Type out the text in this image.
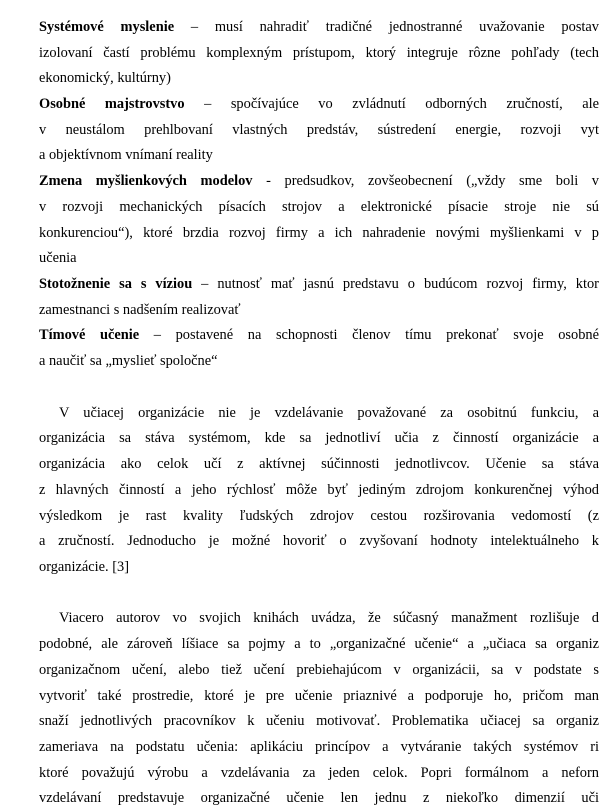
Systémové myslenie – musí nahradiť tradičné jednostranné uvažovanie postav
izolovaní častí problému komplexným prístupom, ktorý integruje rôzne pohľady (tech
ekonomický, kultúrny)
Osobné majstrovstvo – spočívajúce vo zvládnutí odborných zručností, ale
v neustálom prehlbovaní vlastných predstáv, sústredení energie, rozvoji vyt
a objektívnom vnímaní reality
Zmena myšlienkových modelov - predsudkov, zovšeobecnení („vždy sme boli v
v rozvoji mechanických písacích strojov a elektronické písacie stroje nie sú
konkurenciou“), ktoré brzdia rozvoj firmy a ich nahradenie novými myšlienkami v p
učenia
Stotožnenie sa s víziou – nutnosť mať jasnú predstavu o budúcom rozvoj firmy, ktor
zamestnanci s nadšením realizovať
Tímové učenie – postavené na schopnosti členov tímu prekonať svoje osobné
a naučiť sa „myslieť spoločne“
V učiacej organizácie nie je vzdelávanie považované za osobitnú funkciu, a
organizácia sa stáva systémom, kde sa jednotliví učia z činností organizácie a
organizácia ako celok učí z aktívnej súčinnosti jednotlivcov. Učenie sa stáva
z hlavných činností a jeho rýchlosť môže byť jediným zdrojom konkurenčnej výhod
výsledkom je rast kvality ľudských zdrojov cestou rozširovania vedomostí (z
a zručností. Jednoducho je možné hovoriť o zvyšovaní hodnoty intelektuálneho k
organizácie. [3]
Viacero autorov vo svojich knihách uvádza, že súčasný manažment rozlišuje d
podobné, ale zároveň líšiace sa pojmy a to „organizačné učenie“ a „učiaca sa organiz
organizačnom učení, alebo tiež učení prebiehajúcom v organizácii, sa v podstate s
vytvoriť také prostredie, ktoré je pre učenie priaznivé a podporuje ho, pričom man
snaží jednotlivých pracovníkov k učeniu motivovať. Problematika učiacej sa organiz
zameriava na podstatu učenia: aplikáciu princípov a vytváranie takých systémov ri
ktoré považujú výrobu a vzdelávania za jeden celok. Popri formálnom a neforn
vzdelávaní predstavuje organizačné učenie len jednu z niekoľko dimenzií uči
